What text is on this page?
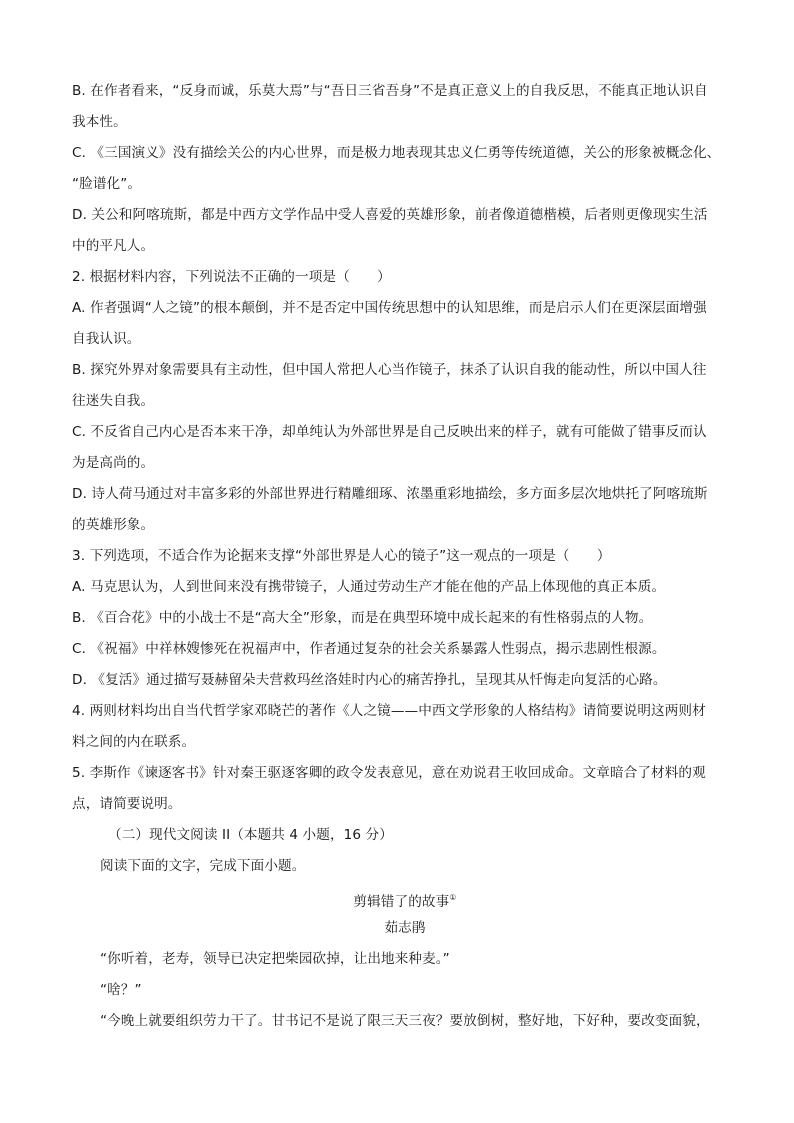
B. 在作者看来，“反身而诚，乐莫大焉”与“吾日三省吾身”不是真正意义上的自我反思，不能真正地认识自
我本性。
C. 《三国演义》没有描绘关公的内心世界，而是极力地表现其忠义仁勇等传统道德，关公的形象被概念化、
“脸谱化”。
D. 关公和阿喀琉斯，都是中西方文学作品中受人喜爱的英雄形象，前者像道德楷模，后者则更像现实生活
中的平凡人。
2. 根据材料内容，下列说法不正确的一项是（　　）
A. 作者强调“人之镜”的根本颠倒，并不是否定中国传统思想中的认知思维，而是启示人们在更深层面增强
自我认识。
B. 探究外界对象需要具有主动性，但中国人常把人心当作镜子，抹杀了认识自我的能动性，所以中国人往
往迷失自我。
C. 不反省自己内心是否本来干净，却单纯认为外部世界是自己反映出来的样子，就有可能做了错事反而认
为是高尚的。
D. 诗人荷马通过对丰富多彩的外部世界进行精雕细琢、浓墨重彩地描绘，多方面多层次地烘托了阿喀琉斯
的英雄形象。
3. 下列选项，不适合作为论据来支撑“外部世界是人心的镜子”这一观点的一项是（　　）
A. 马克思认为，人到世间来没有携带镜子，人通过劳动生产才能在他的产品上体现他的真正本质。
B. 《百合花》中的小战士不是“高大全”形象，而是在典型环境中成长起来的有性格弱点的人物。
C. 《祝福》中祥林嫂惨死在祝福声中，作者通过复杂的社会关系暴露人性弱点，揭示悲剧性根源。
D. 《复活》通过描写聂赫留朵夫营救玛丝洛娃时内心的痛苦挣扎，呈现其从忏悔走向复活的心路。
4. 两则材料均出自当代哲学家邓晓芒的著作《人之镜——中西文学形象的人格结构》请简要说明这两则材
料之间的内在联系。
5. 李斯作《谏逐客书》针对秦王驱逐客卿的政令发表意见，意在劝说君王收回成命。文章暗合了材料的观
点，请简要说明。
（二）现代文阅读 II（本题共 4 小题，16 分）
阅读下面的文字，完成下面小题。
剪辑错了的故事①
茹志鹃
“你听着，老寿，领导已决定把柴园砍掉，让出地来种麦。”
“啥？”
“今晚上就要组织劳力干了。甘书记不是说了限三天三夜？要放倒树，整好地，下好种，要改变面貌，
